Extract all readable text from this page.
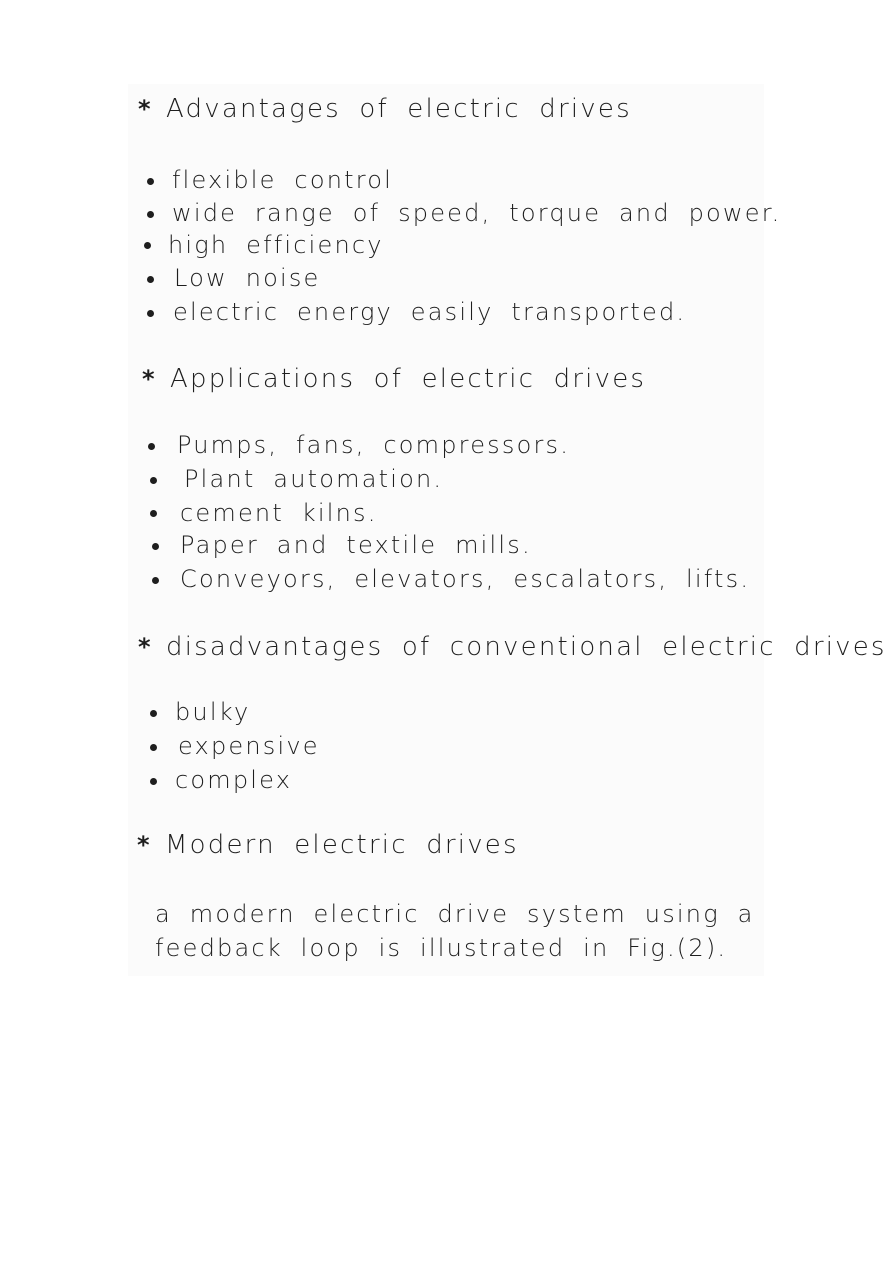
* Advantages of electric drives
flexible control
wide range of speed, torque and power.
high efficiency
Low noise
electric energy easily transported.
* Applications of electric drives
Pumps, fans, compressors.
Plant automation.
cement kilns.
Paper and textile mills.
Conveyors, elevators, escalators, lifts.
* disadvantages of conventional electric drives
bulky
expensive
complex
* Modern electric drives
a modern electric drive system using a feedback loop is illustrated in Fig.(2).
